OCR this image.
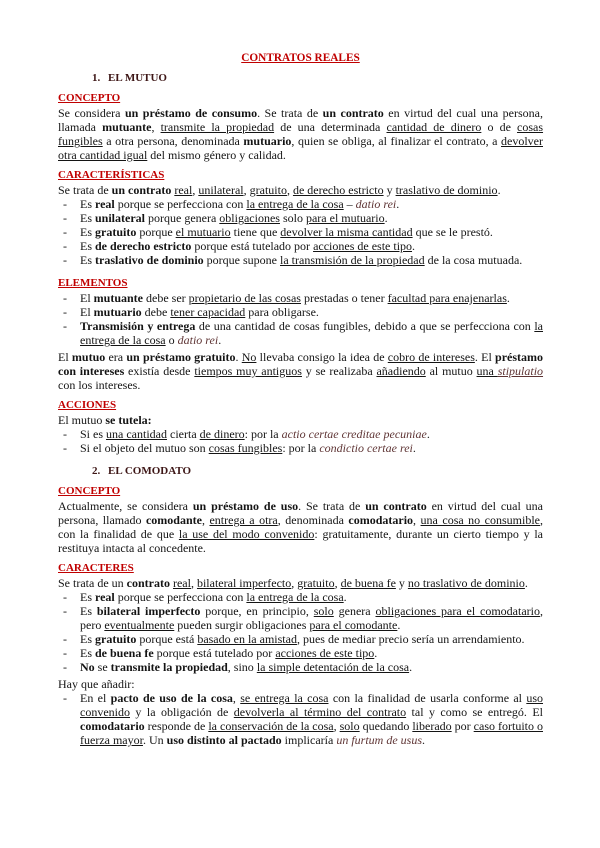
CONTRATOS REALES
1. EL MUTUO
CONCEPTO

Se considera un préstamo de consumo. Se trata de un contrato en virtud del cual una persona, llamada mutuante, transmite la propiedad de una determinada cantidad de dinero o de cosas fungibles a otra persona, denominada mutuario, quien se obliga, al finalizar el contrato, a devolver otra cantidad igual del mismo género y calidad.

CARACTERÍSTICAS

Se trata de un contrato real, unilateral, gratuito, de derecho estricto y traslativo de dominio.

- Es real porque se perfecciona con la entrega de la cosa – datio rei.
- Es unilateral porque genera obligaciones solo para el mutuario.
- Es gratuito porque el mutuario tiene que devolver la misma cantidad que se le prestó.
- Es de derecho estricto porque está tutelado por acciones de este tipo.
- Es traslativo de dominio porque supone la transmisión de la propiedad de la cosa mutuada.
ELEMENTOS
- El mutuante debe ser propietario de las cosas prestadas o tener facultad para enajenarlas.
- El mutuario debe tener capacidad para obligarse.
- Transmisión y entrega de una cantidad de cosas fungibles, debido a que se perfecciona con la entrega de la cosa o datio rei.

El mutuo era un préstamo gratuito. No llevaba consigo la idea de cobro de intereses. El préstamo con intereses existía desde tiempos muy antiguos y se realizaba añadiendo al mutuo una stipulatio con los intereses.

ACCIONES

El mutuo se tutela:

- Si es una cantidad cierta de dinero: por la actio certae creditae pecuniae.
- Si el objeto del mutuo son cosas fungibles: por la condictio certae rei.
2. EL COMODATO
CONCEPTO

Actualmente, se considera un préstamo de uso. Se trata de un contrato en virtud del cual una persona, llamado comodante, entrega a otra, denominada comodatario, una cosa no consumible, con la finalidad de que la use del modo convenido: gratuitamente, durante un cierto tiempo y la restituya intacta al concedente.

CARACTERES

Se trata de un contrato real, bilateral imperfecto, gratuito, de buena fe y no traslativo de dominio.

- Es real porque se perfecciona con la entrega de la cosa.
- Es bilateral imperfecto porque, en principio, solo genera obligaciones para el comodatario, pero eventualmente pueden surgir obligaciones para el comodante.
- Es gratuito porque está basado en la amistad, pues de mediar precio sería un arrendamiento.
- Es de buena fe porque está tutelado por acciones de este tipo.
- No se transmite la propiedad, sino la simple detentación de la cosa.

Hay que añadir:

- En el pacto de uso de la cosa, se entrega la cosa con la finalidad de usarla conforme al uso convenido y la obligación de devolverla al término del contrato tal y como se entregó. El comodatario responde de la conservación de la cosa, solo quedando liberado por caso fortuito o fuerza mayor. Un uso distinto al pactado implicaría un furtum de usus.
